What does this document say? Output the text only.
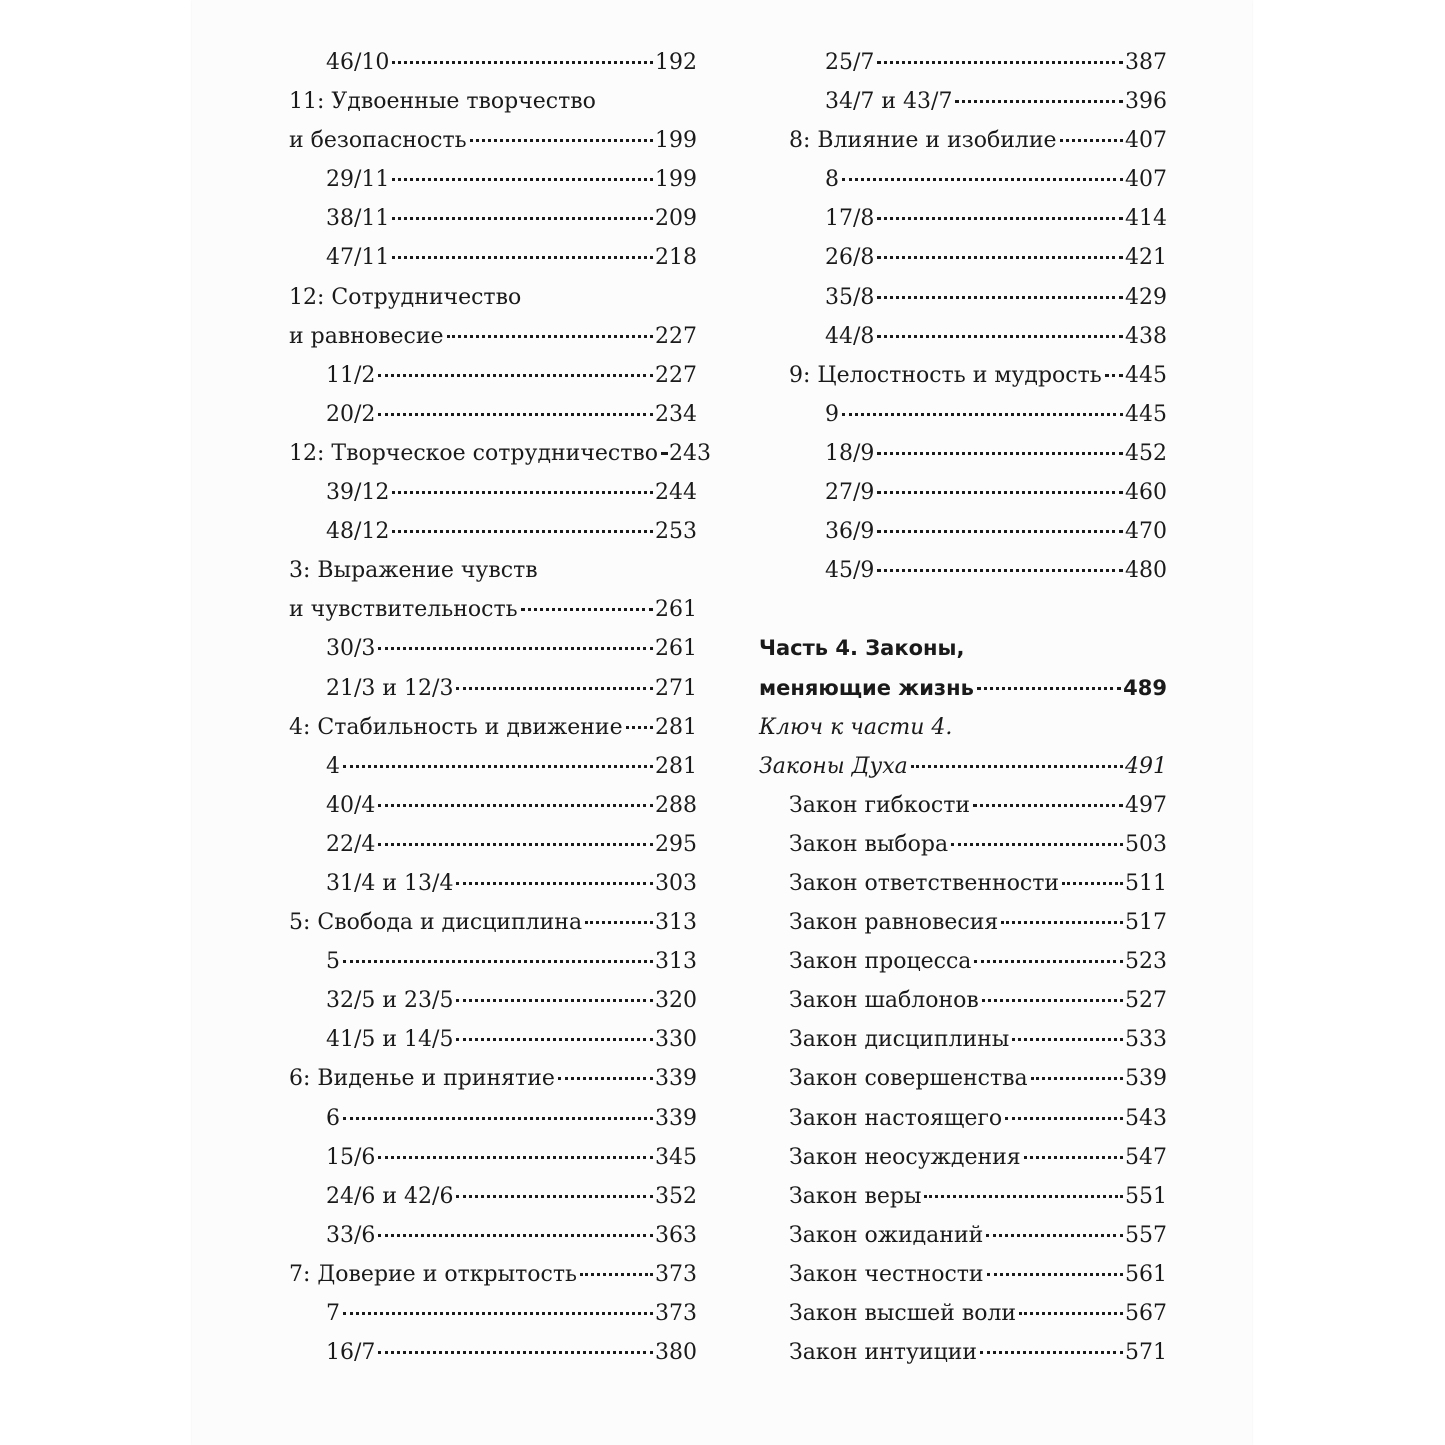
46/10	192
11: Удвоенные творчество
и безопасность	199
29/11	199
38/11	209
47/11	218
12: Сотрудничество
и равновесие	227
11/2	227
20/2	234
12: Творческое сотрудничество 243
39/12	244
48/12	253
3: Выражение чувств
и чувствительность	261
30/3	261
21/3 и 12/3	271
4: Стабильность и движение 281
4	281
40/4	288
22/4	295
31/4 и 13/4	303
5: Свобода и дисциплина	313
5	313
32/5 и 23/5	320
41/5 и 14/5	330
6: Виденье и принятие	339
6	339
15/6	345
24/6 и 42/6	352
33/6	363
7: Доверие и открытость	373
7	373
16/7	380
25/7	387
34/7 и 43/7	396
8: Влияние и изобилие	407
8	407
17/8	414
26/8	421
35/8	429
44/8	438
9: Целостность и мудрость 445
9	445
18/9	452
27/9	460
36/9	470
45/9	480
Часть 4. Законы,
меняющие жизнь	489
Ключ к части 4.
Законы Духа	491
Закон гибкости	497
Закон выбора	503
Закон ответственности	511
Закон равновесия	517
Закон процесса	523
Закон шаблонов	527
Закон дисциплины	533
Закон совершенства	539
Закон настоящего	543
Закон неосуждения	547
Закон веры	551
Закон ожиданий	557
Закон честности	561
Закон высшей воли	567
Закон интуиции	571
